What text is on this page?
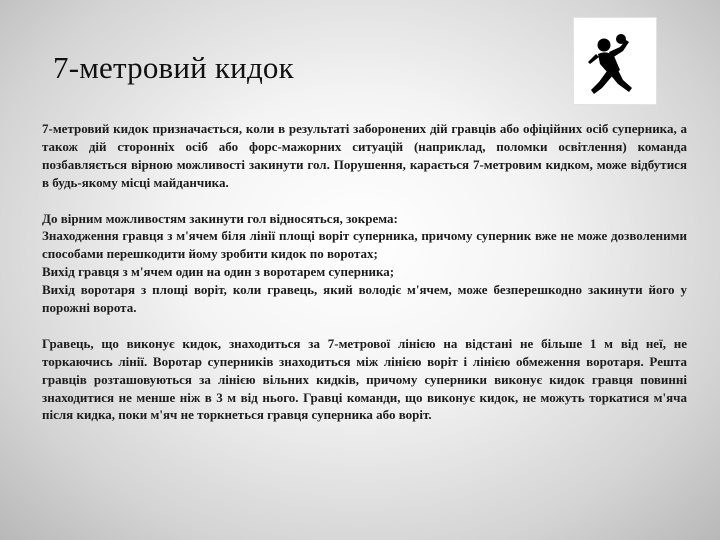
7-метровий кидок

7-метровий кидок призначається, коли в результаті заборонених дій гравців або офіційних осіб суперника, а також дій сторонніх осіб або форс-мажорних ситуацій (наприклад, поломки освітлення) команда позбавляється вірною можливості закинути гол. Порушення, карається 7-метровим кидком, може відбутися в будь-якому місці майданчика.

До вірним можливостям закинути гол відносяться, зокрема:

Знаходження гравця з м'ячем біля лінії площі воріт суперника, причому суперник вже не може дозволеними способами перешкодити йому зробити кидок по воротах;

Вихід гравця з м'ячем один на один з воротарем суперника;

Вихід воротаря з площі воріт, коли гравець, який володіє м'ячем, може безперешкодно закинути його у порожні ворота.

Гравець, що виконує кидок, знаходиться за 7-метрової лінією на відстані не більше 1 м від неї, не торкаючись лінії. Воротар суперників знаходиться між лінією воріт і лінією обмеження воротаря. Решта гравців розташовуються за лінією вільних кидків, причому суперники виконує кидок гравця повинні знаходитися не менше ніж в 3 м від нього. Гравці команди, що виконує кидок, не можуть торкатися м'яча після кидка, поки м'яч не торкнеться гравця суперника або воріт.
